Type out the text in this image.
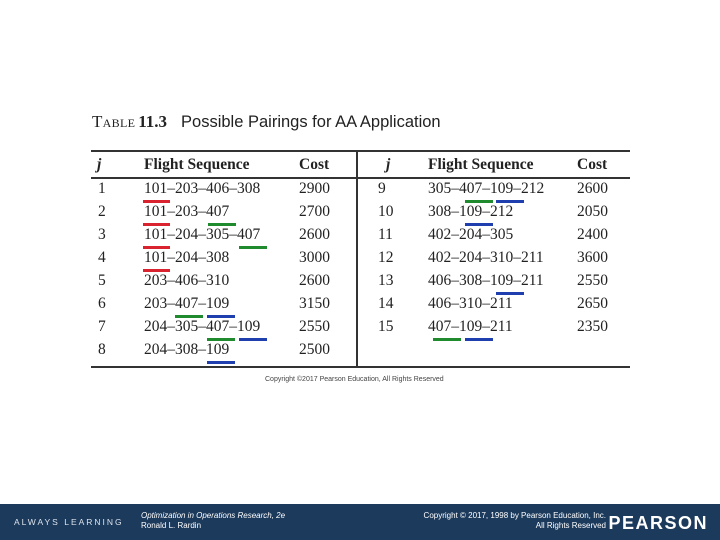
Table 11.3 Possible Pairings for AA Application
j	Flight Sequence	Cost	j	Flight Sequence	Cost
1	101–203–406–308	2900	9	305–407–109–212	2600
2	101–203–407	2700	10	308–109–212	2050
3	101–204–305–407	2600	11	402–204–305	2400
4	101–204–308	3000	12	402–204–310–211	3600
5	203–406–310	2600	13	406–308–109–211	2550
6	203–407–109	3150	14	406–310–211	2650
7	204–305–407–109	2550	15	407–109–211	2350
8	204–308–109	2500			
Copyright ©2017 Pearson Education, All Rights Reserved
ALWAYS LEARNING
Optimization in Operations Research, 2e
Ronald L. Rardin
Copyright © 2017, 1998 by Pearson Education, Inc.
All Rights Reserved PEARSON
